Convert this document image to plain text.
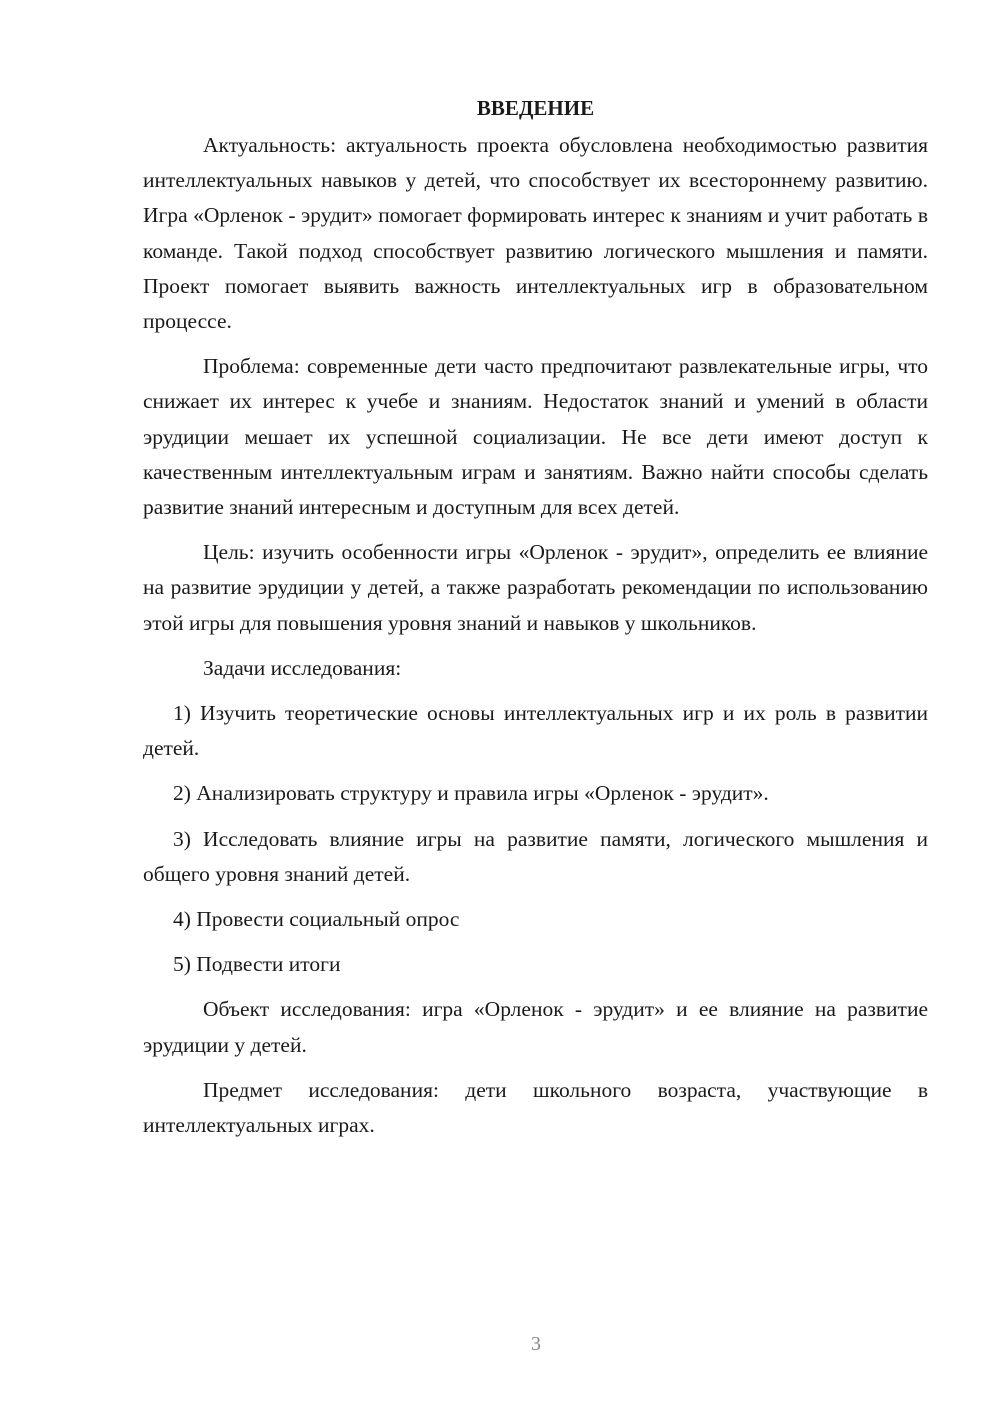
ВВЕДЕНИЕ

Актуальность: актуальность проекта обусловлена необходимостью развития интеллектуальных навыков у детей, что способствует их всестороннему развитию. Игра «Орленок - эрудит» помогает формировать интерес к знаниям и учит работать в команде. Такой подход способствует развитию логического мышления и памяти. Проект помогает выявить важность интеллектуальных игр в образовательном процессе.

Проблема: современные дети часто предпочитают развлекательные игры, что снижает их интерес к учебе и знаниям. Недостаток знаний и умений в области эрудиции мешает их успешной социализации. Не все дети имеют доступ к качественным интеллектуальным играм и занятиям. Важно найти способы сделать развитие знаний интересным и доступным для всех детей.

Цель: изучить особенности игры «Орленок - эрудит», определить ее влияние на развитие эрудиции у детей, а также разработать рекомендации по использованию этой игры для повышения уровня знаний и навыков у школьников.

Задачи исследования:

1) Изучить теоретические основы интеллектуальных игр и их роль в развитии детей.

2) Анализировать структуру и правила игры «Орленок - эрудит».

3) Исследовать влияние игры на развитие памяти, логического мышления и общего уровня знаний детей.

4) Провести социальный опрос

5) Подвести итоги

Объект исследования: игра «Орленок - эрудит» и ее влияние на развитие эрудиции у детей.

Предмет исследования: дети школьного возраста, участвующие в интеллектуальных играх.

3
